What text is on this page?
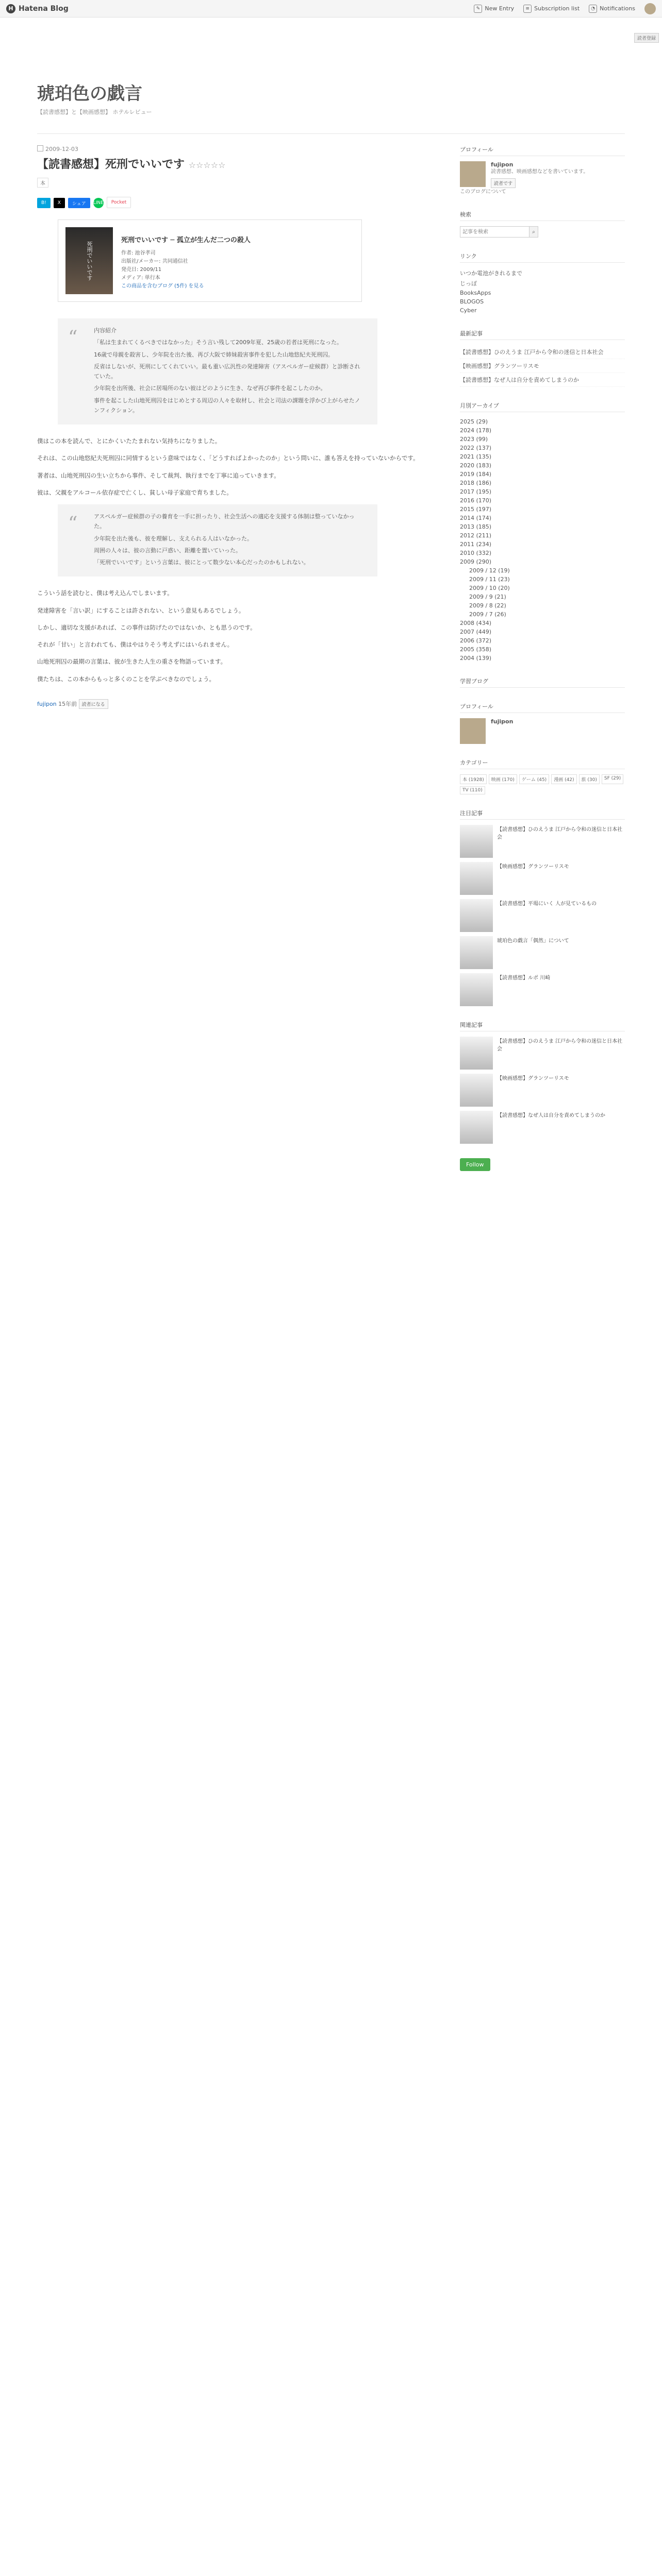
H Hatena Blog	✎ New Entry	≡ Subscription list	◔ Notifications
読者登録
琥珀色の戯言
【読書感想】と【映画感想】 ホテルレビュー
2009-12-03
【読書感想】死刑でいいです ☆☆☆☆☆
本
B!	X	シェア	LINE	Pocket
死刑でいいです
死刑でいいです ─ 孤立が生んだ二つの殺人
作者: 池谷孝司
出版社/メーカー: 共同通信社
発売日: 2009/11
メディア: 単行本
この商品を含むブログ (5件) を見る
“	内容紹介

「私は生まれてくるべきではなかった」そう言い残して2009年夏、25歳の若者は死刑になった。

16歳で母親を殺害し、少年院を出た後、再び大阪で姉妹殺害事件を犯した山地悠紀夫死刑囚。

反省はしないが、死刑にしてくれていい。最も重い広汎性の発達障害（アスペルガー症候群）と診断されていた。

少年院を出所後、社会に居場所のない彼はどのように生き、なぜ再び事件を起こしたのか。

事件を起こした山地死刑囚をはじめとする周辺の人々を取材し、社会と司法の課題を浮かび上がらせたノンフィクション。

僕はこの本を読んで、とにかくいたたまれない気持ちになりました。

それは、この山地悠紀夫死刑囚に同情するという意味ではなく、「どうすればよかったのか」という問いに、誰も答えを持っていないからです。

著者は、山地死刑囚の生い立ちから事件、そして裁判、執行までを丁寧に追っていきます。

彼は、父親をアルコール依存症で亡くし、貧しい母子家庭で育ちました。

“	アスペルガー症候群の子の養育を一手に担ったり、社会生活への適応を支援する体制は整っていなかった。

少年院を出た後も、彼を理解し、支えられる人はいなかった。

周囲の人々は、彼の言動に戸惑い、距離を置いていった。

「死刑でいいです」という言葉は、彼にとって数少ない本心だったのかもしれない。

こういう話を読むと、僕は考え込んでしまいます。

発達障害を「言い訳」にすることは許されない、という意見もあるでしょう。

しかし、適切な支援があれば、この事件は防げたのではないか、とも思うのです。

それが「甘い」と言われても、僕はやはりそう考えずにはいられません。

山地死刑囚の最期の言葉は、彼が生きた人生の重さを物語っています。

僕たちは、この本からもっと多くのことを学ぶべきなのでしょう。

fujipon 15年前 読者になる
プロフィール
fujipon
読書感想、映画感想などを書いています。
読者です
このブログについて
検索
記事を検索
⌕
リンク
いつか電池がきれるまで
じっぽ
BooksApps
BLOGOS
Cyber
最新記事
【読書感想】ひのえうま 江戸から令和の迷信と日本社会
【映画感想】グランツーリスモ
【読書感想】なぜ人は自分を責めてしまうのか
月別アーカイブ
2025 (29)
2024 (178)
2023 (99)
2022 (137)
2021 (135)
2020 (183)
2019 (184)
2018 (186)
2017 (195)
2016 (170)
2015 (197)
2014 (174)
2013 (185)
2012 (211)
2011 (234)
2010 (332)
2009 (290)
2009 / 12 (19)
2009 / 11 (23)
2009 / 10 (20)
2009 / 9 (21)
2009 / 8 (22)
2009 / 7 (26)
2008 (434)
2007 (449)
2006 (372)
2005 (358)
2004 (139)
学習ブログ
プロフィール
fujipon
カテゴリー
本 (1928)	映画 (170)	ゲーム (45)	漫画 (42)	旅 (30)	SF (29)
TV (110)
注目記事
【読書感想】ひのえうま 江戸から令和の迷信と日本社会
【映画感想】グランツーリスモ
【読書感想】平場にいく 人が見ているもの
琥珀色の戯言「偶然」について
【読書感想】ルポ 川崎
関連記事
【読書感想】ひのえうま 江戸から令和の迷信と日本社会
【映画感想】グランツーリスモ
【読書感想】なぜ人は自分を責めてしまうのか
Follow
